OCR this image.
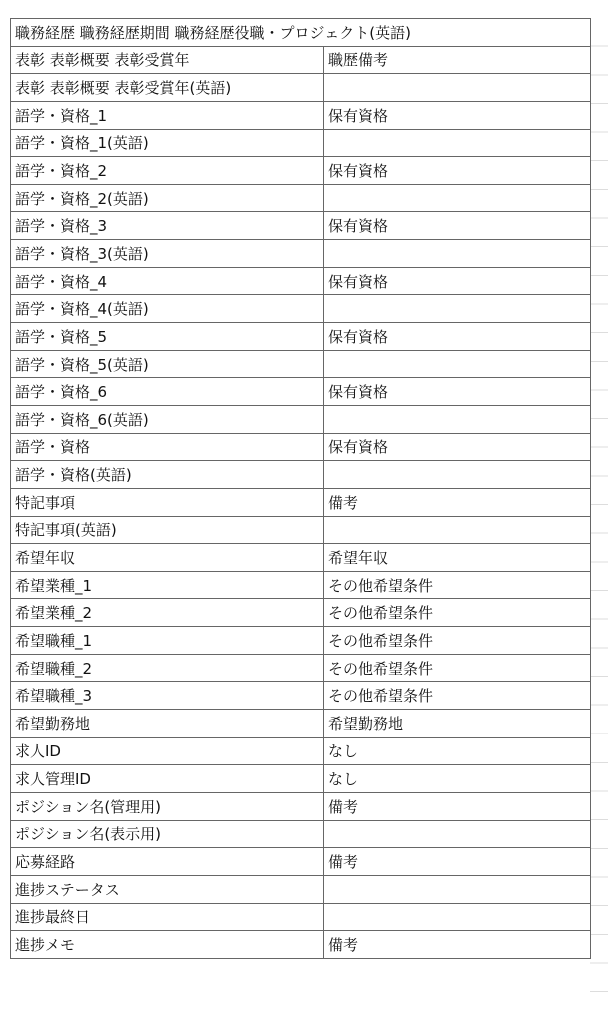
職務経歴 職務経歴期間 職務経歴役職・プロジェクト(英語)	
表彰 表彰概要 表彰受賞年	職歴備考
表彰 表彰概要 表彰受賞年(英語)	
語学・資格_1	保有資格
語学・資格_1(英語)	
語学・資格_2	保有資格
語学・資格_2(英語)	
語学・資格_3	保有資格
語学・資格_3(英語)	
語学・資格_4	保有資格
語学・資格_4(英語)	
語学・資格_5	保有資格
語学・資格_5(英語)	
語学・資格_6	保有資格
語学・資格_6(英語)	
語学・資格	保有資格
語学・資格(英語)	
特記事項	備考
特記事項(英語)	
希望年収	希望年収
希望業種_1	その他希望条件
希望業種_2	その他希望条件
希望職種_1	その他希望条件
希望職種_2	その他希望条件
希望職種_3	その他希望条件
希望勤務地	希望勤務地
求人ID	なし
求人管理ID	なし
ポジション名(管理用)	備考
ポジション名(表示用)	
応募経路	備考
進捗ステータス	
進捗最終日	
進捗メモ	備考
